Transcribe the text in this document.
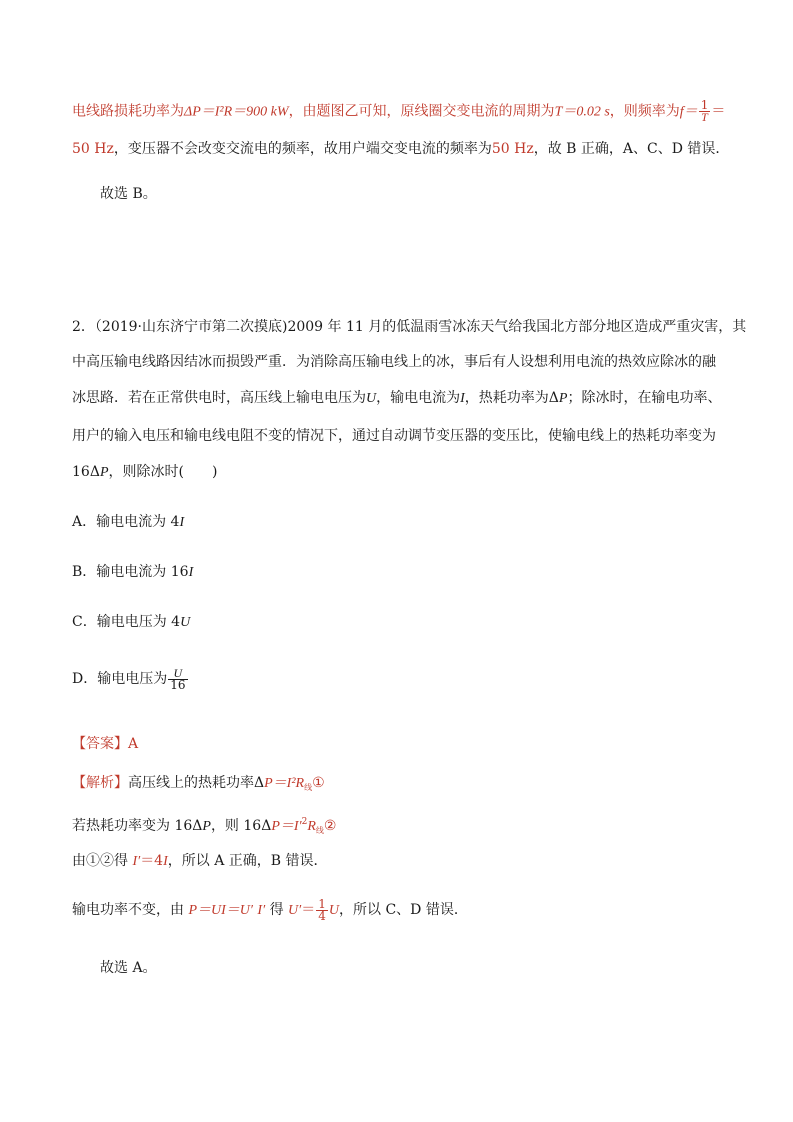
电线路损耗功率为ΔP＝I²R＝900 kW，由题图乙可知，原线圈交变电流的周期为T＝0.02 s，则频率为$f= \frac{1}{T}$ ＝
50 Hz，变压器不会改变交流电的频率，故用户端交变电流的频率为50 Hz，故 B 正确，A、C、D 错误．
故选 B。
2．（2019·山东济宁市第二次摸底)2009 年 11 月的低温雨雪冰冻天气给我国北方部分地区造成严重灾害，其
中高压输电线路因结冰而损毁严重．为消除高压输电线上的冰，事后有人设想利用电流的热效应除冰的融
冰思路．若在正常供电时，高压线上输电电压为U，输电电流为I，热耗功率为ΔP；除冰时，在输电功率、
用户的输入电压和输电线电阻不变的情况下，通过自动调节变压器的变压比，使输电线上的热耗功率变为
16ΔP，则除冰时(　　)
A．输电电流为 4I
B．输电电流为 16I
C．输电电压为 4U
D．输电电压为 $\frac{U}{16}$
【答案】A
【解析】高压线上的热耗功率$\Delta P=I^2R_线①$
若热耗功率变为 16ΔP，则 $16\Delta P=I'^2R_线②$
由①②得 I′＝4I，所以 A 正确，B 错误．
输电功率不变，由 P＝UI＝U′ I′ 得 $U'= \frac{1}{4}$ U，所以 C、D 错误．
故选 A。
